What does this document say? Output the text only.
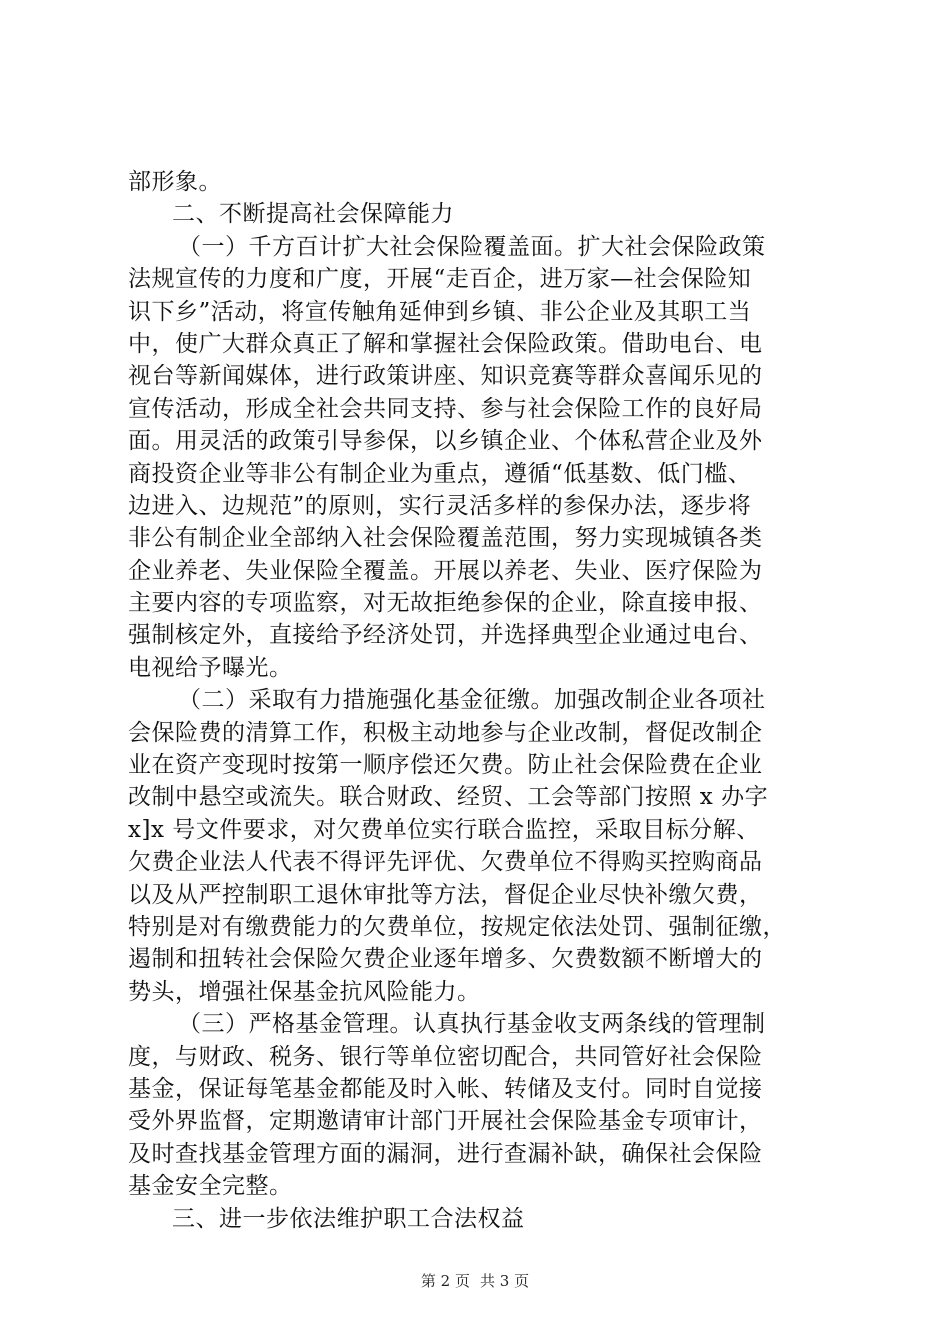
部形象。
二、不断提高社会保障能力
（一）千方百计扩大社会保险覆盖面。扩大社会保险政策
法规宣传的力度和广度，开展“走百企，进万家—社会保险知
识下乡”活动，将宣传触角延伸到乡镇、非公企业及其职工当
中，使广大群众真正了解和掌握社会保险政策。借助电台、电
视台等新闻媒体，进行政策讲座、知识竞赛等群众喜闻乐见的
宣传活动，形成全社会共同支持、参与社会保险工作的良好局
面。用灵活的政策引导参保，以乡镇企业、个体私营企业及外
商投资企业等非公有制企业为重点，遵循“低基数、低门槛、
边进入、边规范”的原则，实行灵活多样的参保办法，逐步将
非公有制企业全部纳入社会保险覆盖范围，努力实现城镇各类
企业养老、失业保险全覆盖。开展以养老、失业、医疗保险为
主要内容的专项监察，对无故拒绝参保的企业，除直接申报、
强制核定外，直接给予经济处罚，并选择典型企业通过电台、
电视给予曝光。
（二）采取有力措施强化基金征缴。加强改制企业各项社
会保险费的清算工作，积极主动地参与企业改制，督促改制企
业在资产变现时按第一顺序偿还欠费。防止社会保险费在企业
改制中悬空或流失。联合财政、经贸、工会等部门按照 x 办字
x]x 号文件要求，对欠费单位实行联合监控，采取目标分解、
欠费企业法人代表不得评先评优、欠费单位不得购买控购商品
以及从严控制职工退休审批等方法，督促企业尽快补缴欠费，
特别是对有缴费能力的欠费单位，按规定依法处罚、强制征缴，
遏制和扭转社会保险欠费企业逐年增多、欠费数额不断增大的
势头，增强社保基金抗风险能力。
（三）严格基金管理。认真执行基金收支两条线的管理制
度，与财政、税务、银行等单位密切配合，共同管好社会保险
基金，保证每笔基金都能及时入帐、转储及支付。同时自觉接
受外界监督，定期邀请审计部门开展社会保险基金专项审计，
及时查找基金管理方面的漏洞，进行查漏补缺，确保社会保险
基金安全完整。
三、进一步依法维护职工合法权益
第 2 页 共 3 页
